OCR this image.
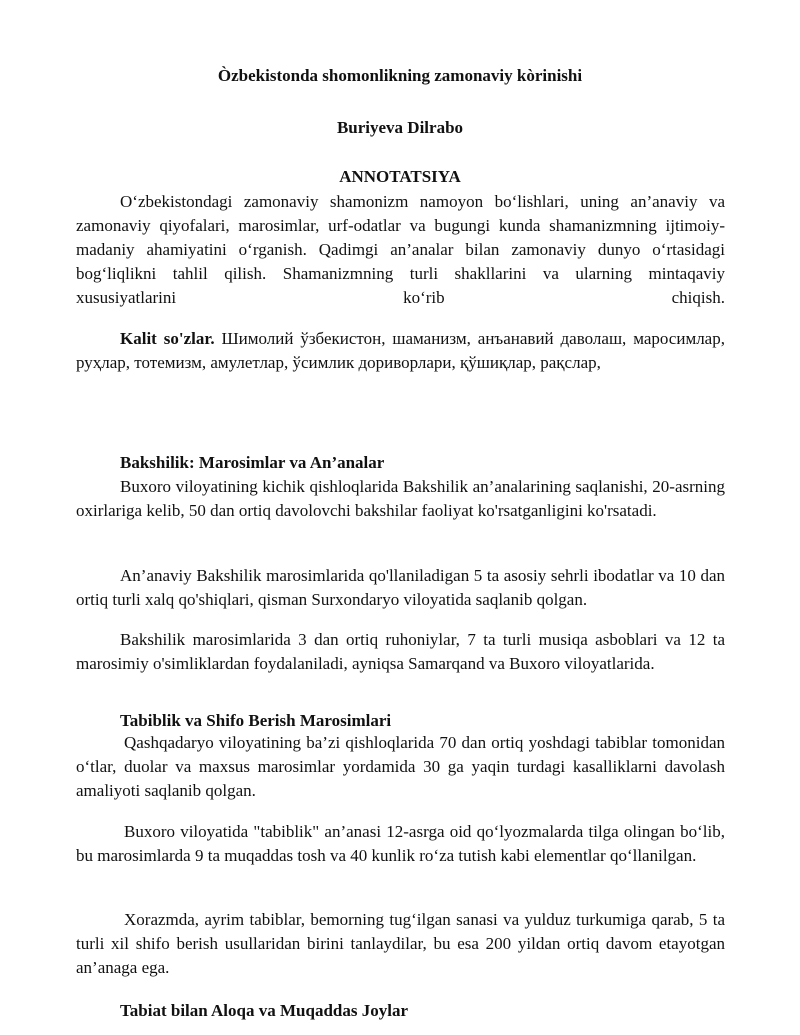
Òzbekistonda shomonlikning zamonaviy kòrinishi
Buriyeva Dilrabo
ANNOTATSIYA
O‘zbekistondagi zamonaviy shamonizm namoyon bo‘lishlari, uning an’anaviy va zamonaviy qiyofalari, marosimlar, urf-odatlar va bugungi kunda shamanizmning ijtimoiy-madaniy ahamiyatini o‘rganish. Qadimgi an’analar bilan zamonaviy dunyo o‘rtasidagi bog‘liqlikni tahlil qilish. Shamanizmning turli shakllarini va ularning mintaqaviy xususiyatlarini ko‘rib chiqish.
Kalit so'zlar. Шимолий ўзбекистон, шаманизм, анъанавий даволаш, маросимлар, руҳлар, тотемизм, амулетлар, ўсимлик дориворлари, қўшиқлар, рақслар,
Bakshilik: Marosimlar va An’analar
Buxoro viloyatining kichik qishloqlarida Bakshilik an’analarining saqlanishi, 20-asrning oxirlariga kelib, 50 dan ortiq davolovchi bakshilar faoliyat ko'rsatganligini ko'rsatadi.
An’anaviy Bakshilik marosimlarida qo'llaniladigan 5 ta asosiy sehrli ibodatlar va 10 dan ortiq turli xalq qo'shiqlari, qisman Surxondaryo viloyatida saqlanib qolgan.
Bakshilik marosimlarida 3 dan ortiq ruhoniylar, 7 ta turli musiqa asboblari va 12 ta marosimiy o'simliklardan foydalaniladi, ayniqsa Samarqand va Buxoro viloyatlarida.
Tabiblik va Shifo Berish Marosimlari
Qashqadaryo viloyatining ba’zi qishloqlarida 70 dan ortiq yoshdagi tabiblar tomonidan o‘tlar, duolar va maxsus marosimlar yordamida 30 ga yaqin turdagi kasalliklarni davolash amaliyoti saqlanib qolgan.
Buxoro viloyatida "tabiblik" an’anasi 12-asrga oid qo‘lyozmalarda tilga olingan bo‘lib, bu marosimlarda 9 ta muqaddas tosh va 40 kunlik ro‘za tutish kabi elementlar qo‘llanilgan.
Xorazmda, ayrim tabiblar, bemorning tug‘ilgan sanasi va yulduz turkumiga qarab, 5 ta turli xil shifo berish usullaridan birini tanlaydilar, bu esa 200 yildan ortiq davom etayotgan an’anaga ega.
Tabiat bilan Aloqa va Muqaddas Joylar
